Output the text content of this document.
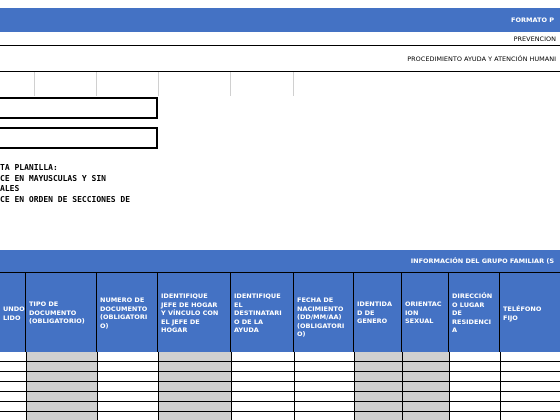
FORMATO P
PREVENCION
PROCEDIMIENTO AYUDA Y ATENCIÓN HUMANI
TA PLANILLA:
CE EN MAYUSCULAS Y SIN
ALES
CE EN ORDEN DE SECCIONES DE
INFORMACIÓN DEL GRUPO FAMILIAR (S
UNDO
LIDO
TIPO DE
DOCUMENTO
(OBLIGATORIO)
NUMERO DE
DOCUMENTO
(OBLIGATORI
O)
IDENTIFIQUE
JEFE DE HOGAR
Y VÍNCULO CON
EL JEFE DE
HOGAR
IDENTIFIQUE
EL
DESTINATARI
O DE LA
AYUDA
FECHA DE
NACIMIENTO
(DD/MM/AA)
(OBLIGATORI
O)
IDENTIDA
D DE
GENERO
ORIENTAC
ION
SEXUAL
DIRECCIÓN
O LUGAR
DE
RESIDENCI
A
TELÉFONO
FIJO
